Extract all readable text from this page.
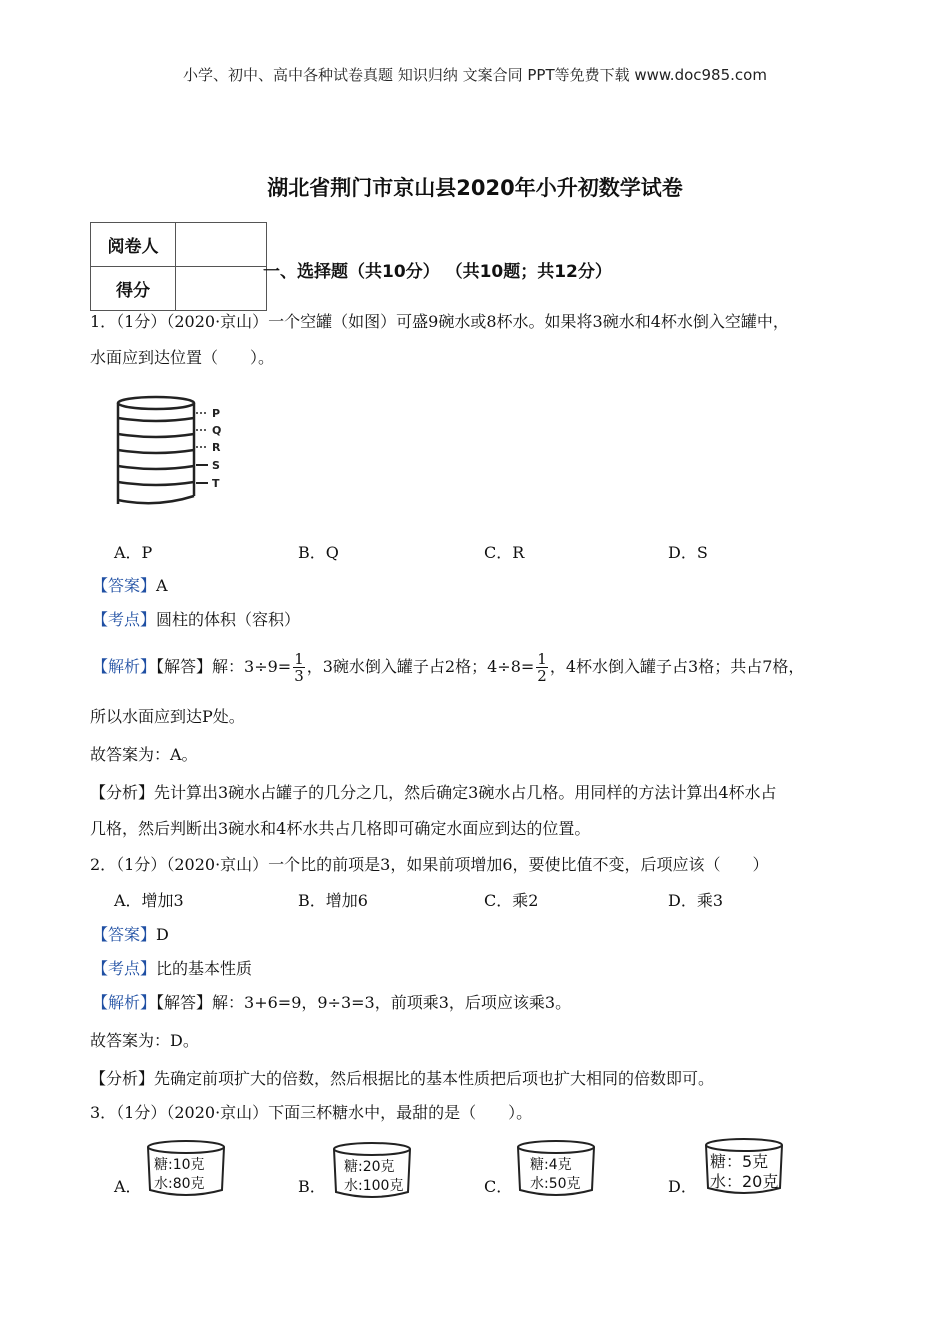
小学、初中、高中各种试卷真题 知识归纳 文案合同 PPT等免费下载 www.doc985.com
湖北省荆门市京山县2020年小升初数学试卷
阅卷人	
得分	
一、选择题（共10分） （共10题；共12分）
1．（1分）（2020·京山）一个空罐（如图）可盛9碗水或8杯水。如果将3碗水和4杯水倒入空罐中，
水面应到达位置（　　）。
P
Q
R
S
T
A．P	B．Q	C．R	D．S
【答案】A
【考点】圆柱的体积（容积）
【解析】【解答】解：$3\div 9= \frac{1}{3}$ ，3碗水倒入罐子占2格；$4\div 8= \frac{1}{2}$ ，4杯水倒入罐子占3格；共占7格，
所以水面应到达P处。
故答案为：A。
【分析】先计算出3碗水占罐子的几分之几，然后确定3碗水占几格。用同样的方法计算出4杯水占
几格，然后判断出3碗水和4杯水共占几格即可确定水面应到达的位置。
2．（1分）（2020·京山）一个比的前项是3，如果前项增加6，要使比值不变，后项应该（　　）
A．增加3	B．增加6	C．乘2	D．乘3
【答案】D
【考点】比的基本性质
【解析】【解答】解：3+6=9，9÷3=3，前项乘3，后项应该乘3。
故答案为：D。
【分析】先确定前项扩大的倍数，然后根据比的基本性质把后项也扩大相同的倍数即可。
3．（1分）（2020·京山）下面三杯糖水中，最甜的是（　　）。
A．
糖:10克
水:80克	B．
糖:20克
水:100克	C．
糖:4克
水:50克	D．
糖：5克
水：20克
